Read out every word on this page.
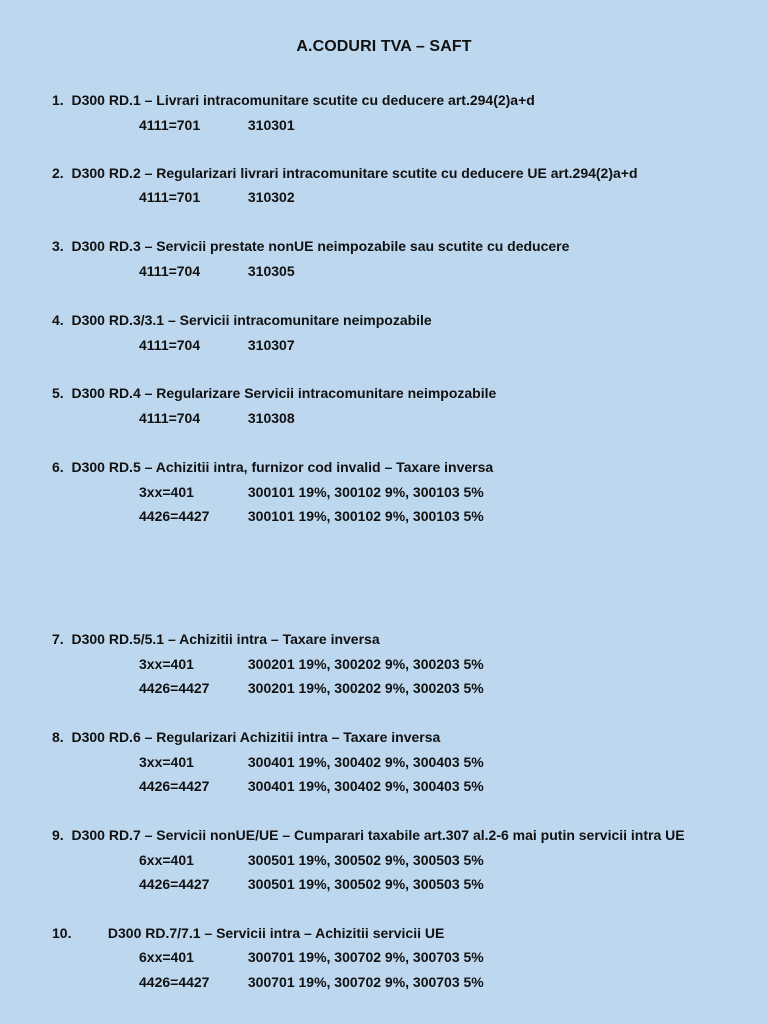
A.CODURI TVA – SAFT
1.  D300 RD.1 – Livrari intracomunitare scutite cu deducere art.294(2)a+d
4111=701	310301
2.  D300 RD.2 – Regularizari livrari intracomunitare scutite cu deducere UE art.294(2)a+d
4111=701	310302
3.  D300 RD.3 – Servicii prestate nonUE neimpozabile sau scutite cu deducere
4111=704	310305
4.  D300 RD.3/3.1 – Servicii intracomunitare neimpozabile
4111=704	310307
5.  D300 RD.4 – Regularizare Servicii intracomunitare neimpozabile
4111=704	310308
6.  D300 RD.5 – Achizitii intra, furnizor cod invalid – Taxare inversa
3xx=401	300101 19%, 300102 9%, 300103 5%
4426=4427	300101 19%, 300102 9%, 300103 5%
7.  D300 RD.5/5.1 – Achizitii intra – Taxare inversa
3xx=401	300201 19%, 300202 9%, 300203 5%
4426=4427	300201 19%, 300202 9%, 300203 5%
8.  D300 RD.6 – Regularizari Achizitii intra – Taxare inversa
3xx=401	300401 19%, 300402 9%, 300403 5%
4426=4427	300401 19%, 300402 9%, 300403 5%
9.  D300 RD.7 – Servicii nonUE/UE – Cumparari taxabile art.307 al.2-6 mai putin servicii intra UE
6xx=401	300501 19%, 300502 9%, 300503 5%
4426=4427	300501 19%, 300502 9%, 300503 5%
10.	D300 RD.7/7.1 – Servicii intra – Achizitii servicii UE
6xx=401	300701 19%, 300702 9%, 300703 5%
4426=4427	300701 19%, 300702 9%, 300703 5%
